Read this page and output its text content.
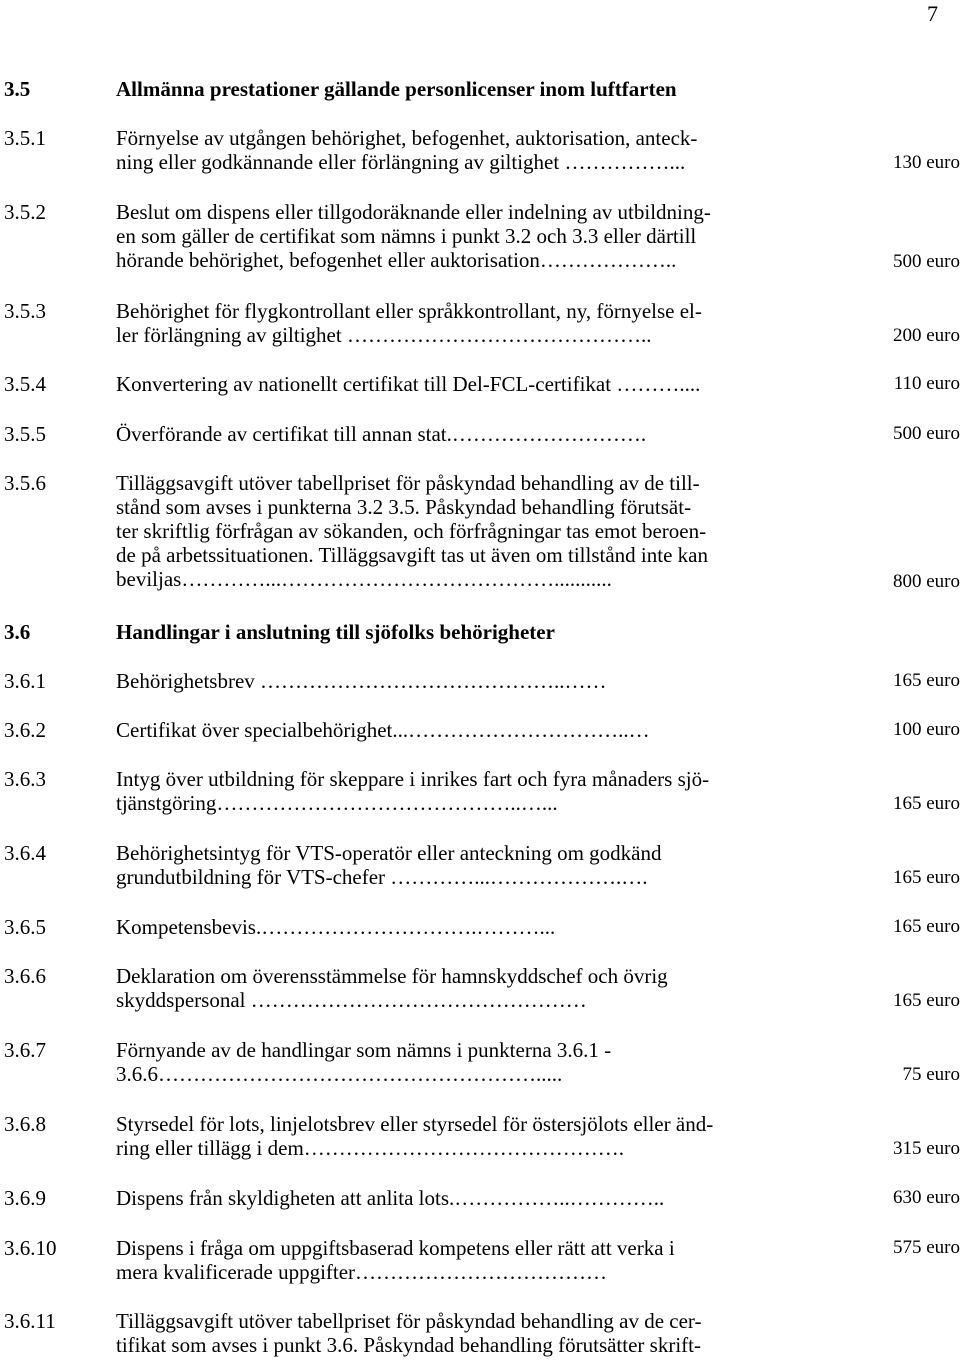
7
3.5	Allmänna prestationer gällande personlicenser inom luftfarten
3.5.1	Förnyelse av utgången behörighet, befogenhet, auktorisation, anteck-
ning eller godkännande eller förlängning av giltighet ……………...	130 euro
3.5.2	Beslut om dispens eller tillgodoräknande eller indelning av utbildning-
en som gäller de certifikat som nämns i punkt 3.2 och 3.3 eller därtill
hörande behörighet, befogenhet eller auktorisation………………..	500 euro
3.5.3	Behörighet för flygkontrollant eller språkkontrollant, ny, förnyelse el-
ler förlängning av giltighet ……………………………………..	200 euro
3.5.4	Konvertering av nationellt certifikat till Del-FCL-certifikat ………....	110 euro
3.5.5	Överförande av certifikat till annan stat.……………………….	500 euro
3.5.6	Tilläggsavgift utöver tabellpriset för påskyndad behandling av de till-
stånd som avses i punkterna 3.2 3.5. Påskyndad behandling förutsät-
ter skriftlig förfrågan av sökanden, och förfrågningar tas emot beroen-
de på arbetssituationen. Tilläggsavgift tas ut även om tillstånd inte kan
beviljas…………...…………………………………...........	800 euro
3.6	Handlingar i anslutning till sjöfolks behörigheter
3.6.1	Behörighetsbrev ……………………………………..……	165 euro
3.6.2	Certifikat över specialbehörighet...…………………………..…	100 euro
3.6.3	Intyg över utbildning för skeppare i inrikes fart och fyra månaders sjö-
tjänstgöring……………………………………..…...	165 euro
3.6.4	Behörighetsintyg för VTS-operatör eller anteckning om godkänd
grundutbildning för VTS-chefer …………...……………….….	165 euro
3.6.5	Kompetensbevis.………………………….………...	165 euro
3.6.6	Deklaration om överensstämmelse för hamnskyddschef och övrig
skyddspersonal …………………………………………	165 euro
3.6.7	Förnyande av de handlingar som nämns i punkterna 3.6.1 -
3.6.6……………………………………………….....	75 euro
3.6.8	Styrsedel för lots, linjelotsbrev eller styrsedel för östersjölots eller änd-
ring eller tillägg i dem……………………………………….	315 euro
3.6.9	Dispens från skyldigheten att anlita lots.……………..…………..	630 euro
3.6.10	Dispens i fråga om uppgiftsbaserad kompetens eller rätt att verka i
mera kvalificerade uppgifter………………………………
575 euro
3.6.11	Tilläggsavgift utöver tabellpriset för påskyndad behandling av de cer-
tifikat som avses i punkt 3.6. Påskyndad behandling förutsätter skrift-
